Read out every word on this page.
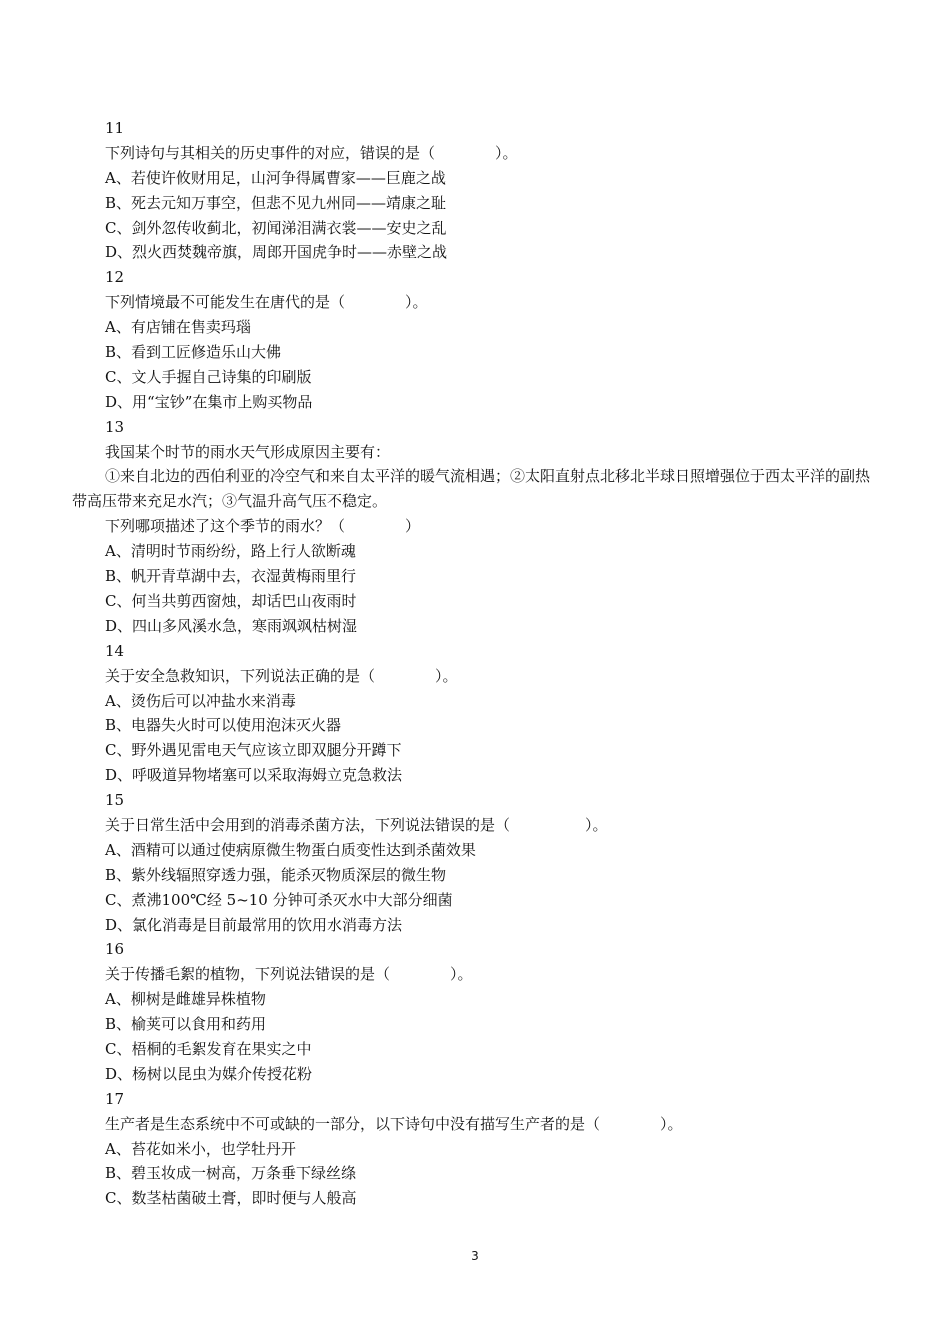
11
下列诗句与其相关的历史事件的对应，错误的是（　　　　）。
A、若使许攸财用足，山河争得属曹家——巨鹿之战
B、死去元知万事空，但悲不见九州同——靖康之耻
C、剑外忽传收蓟北，初闻涕泪满衣裳——安史之乱
D、烈火西焚魏帝旗，周郎开国虎争时——赤壁之战
12
下列情境最不可能发生在唐代的是（　　　　）。
A、有店铺在售卖玛瑙
B、看到工匠修造乐山大佛
C、文人手握自己诗集的印刷版
D、用“宝钞”在集市上购买物品
13
我国某个时节的雨水天气形成原因主要有：
①来自北边的西伯利亚的冷空气和来自太平洋的暖气流相遇；②太阳直射点北移北半球日照增强位于西太平洋的副热带高压带来充足水汽；③气温升高气压不稳定。
下列哪项描述了这个季节的雨水？（　　　　）
A、清明时节雨纷纷，路上行人欲断魂
B、帆开青草湖中去，衣湿黄梅雨里行
C、何当共剪西窗烛，却话巴山夜雨时
D、四山多风溪水急，寒雨飒飒枯树湿
14
关于安全急救知识，下列说法正确的是（　　　　）。
A、烫伤后可以冲盐水来消毒
B、电器失火时可以使用泡沫灭火器
C、野外遇见雷电天气应该立即双腿分开蹲下
D、呼吸道异物堵塞可以采取海姆立克急救法
15
关于日常生活中会用到的消毒杀菌方法，下列说法错误的是（　　　　　）。
A、酒精可以通过使病原微生物蛋白质变性达到杀菌效果
B、紫外线辐照穿透力强，能杀灭物质深层的微生物
C、煮沸100℃经 5~10 分钟可杀灭水中大部分细菌
D、氯化消毒是目前最常用的饮用水消毒方法
16
关于传播毛絮的植物，下列说法错误的是（　　　　）。
A、柳树是雌雄异株植物
B、榆荚可以食用和药用
C、梧桐的毛絮发育在果实之中
D、杨树以昆虫为媒介传授花粉
17
生产者是生态系统中不可或缺的一部分，以下诗句中没有描写生产者的是（　　　　）。
A、苔花如米小，也学牡丹开
B、碧玉妆成一树高，万条垂下绿丝绦
C、数茎枯菌破土膏，即时便与人般高
3
